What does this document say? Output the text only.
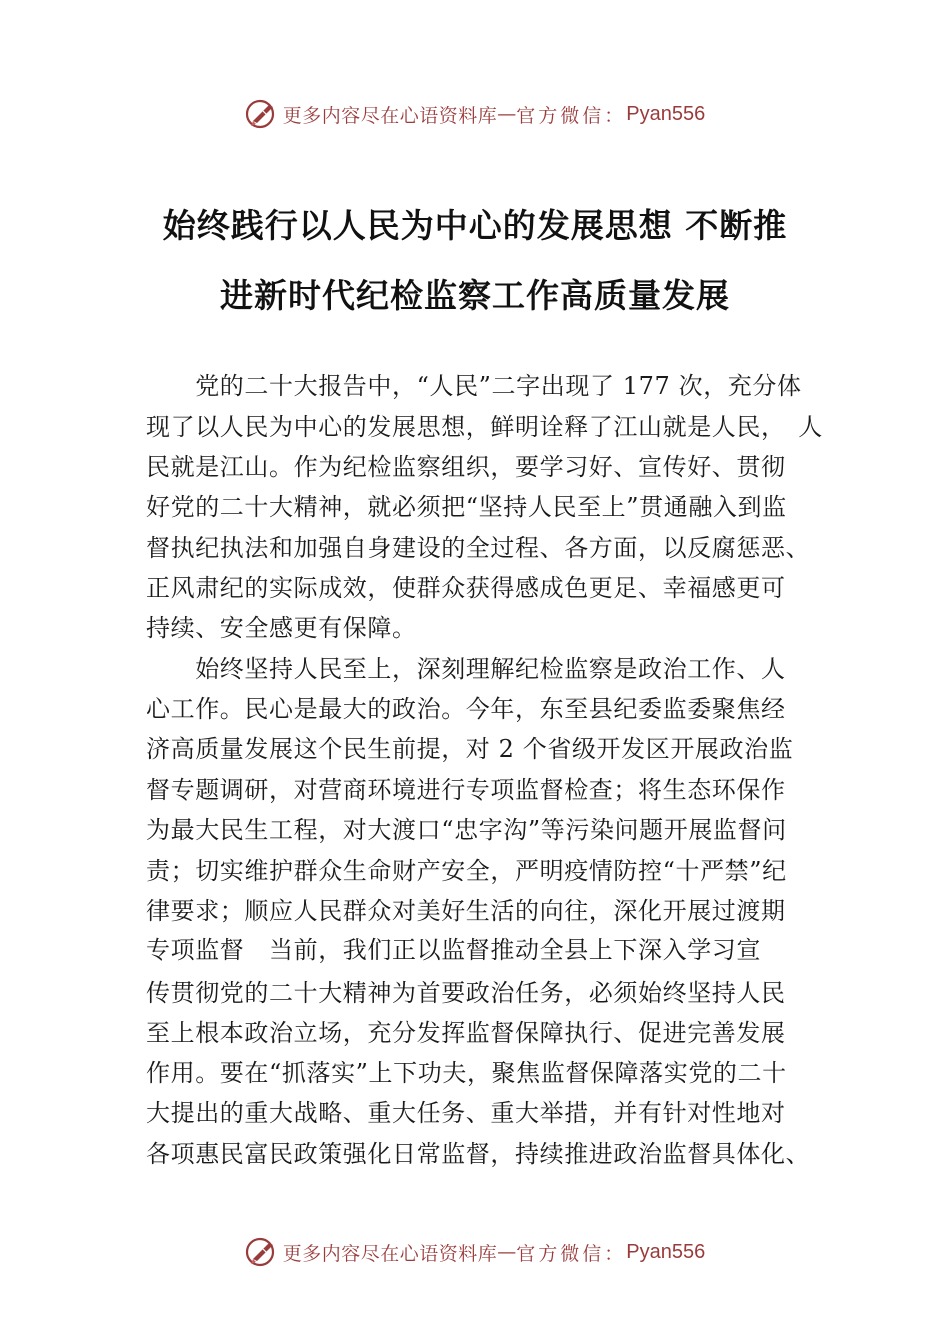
更多内容尽在心语资料库 — 官方微信： Pyan556
始终践行以人民为中心的发展思想 不断推
进新时代纪检监察工作高质量发展
　　党的二十大报告中，“人民”二字出现了 177 次，充分体
现了以人民为中心的发展思想，鲜明诠释了江山就是人民，　人
民就是江山。作为纪检监察组织，要学习好、宣传好、贯彻
好党的二十大精神，就必须把“坚持人民至上”贯通融入到监
督执纪执法和加强自身建设的全过程、各方面，以反腐惩恶、
正风肃纪的实际成效，使群众获得感成色更足、幸福感更可
持续、安全感更有保障。
　　始终坚持人民至上，深刻理解纪检监察是政治工作、人
心工作。民心是最大的政治。今年，东至县纪委监委聚焦经
济高质量发展这个民生前提，对 2 个省级开发区开展政治监
督专题调研，对营商环境进行专项监督检查；将生态环保作
为最大民生工程，对大渡口“忠字沟”等污染问题开展监督问
责；切实维护群众生命财产安全，严明疫情防控“十严禁”纪
律要求；顺应人民群众对美好生活的向往，深化开展过渡期
专项监督　当前，我们正以监督推动全县上下深入学习宣
传贯彻党的二十大精神为首要政治任务，必须始终坚持人民
至上根本政治立场，充分发挥监督保障执行、促进完善发展
作用。要在“抓落实”上下功夫，聚焦监督保障落实党的二十
大提出的重大战略、重大任务、重大举措，并有针对性地对
各项惠民富民政策强化日常监督，持续推进政治监督具体化、
更多内容尽在心语资料库 — 官方微信： Pyan556
